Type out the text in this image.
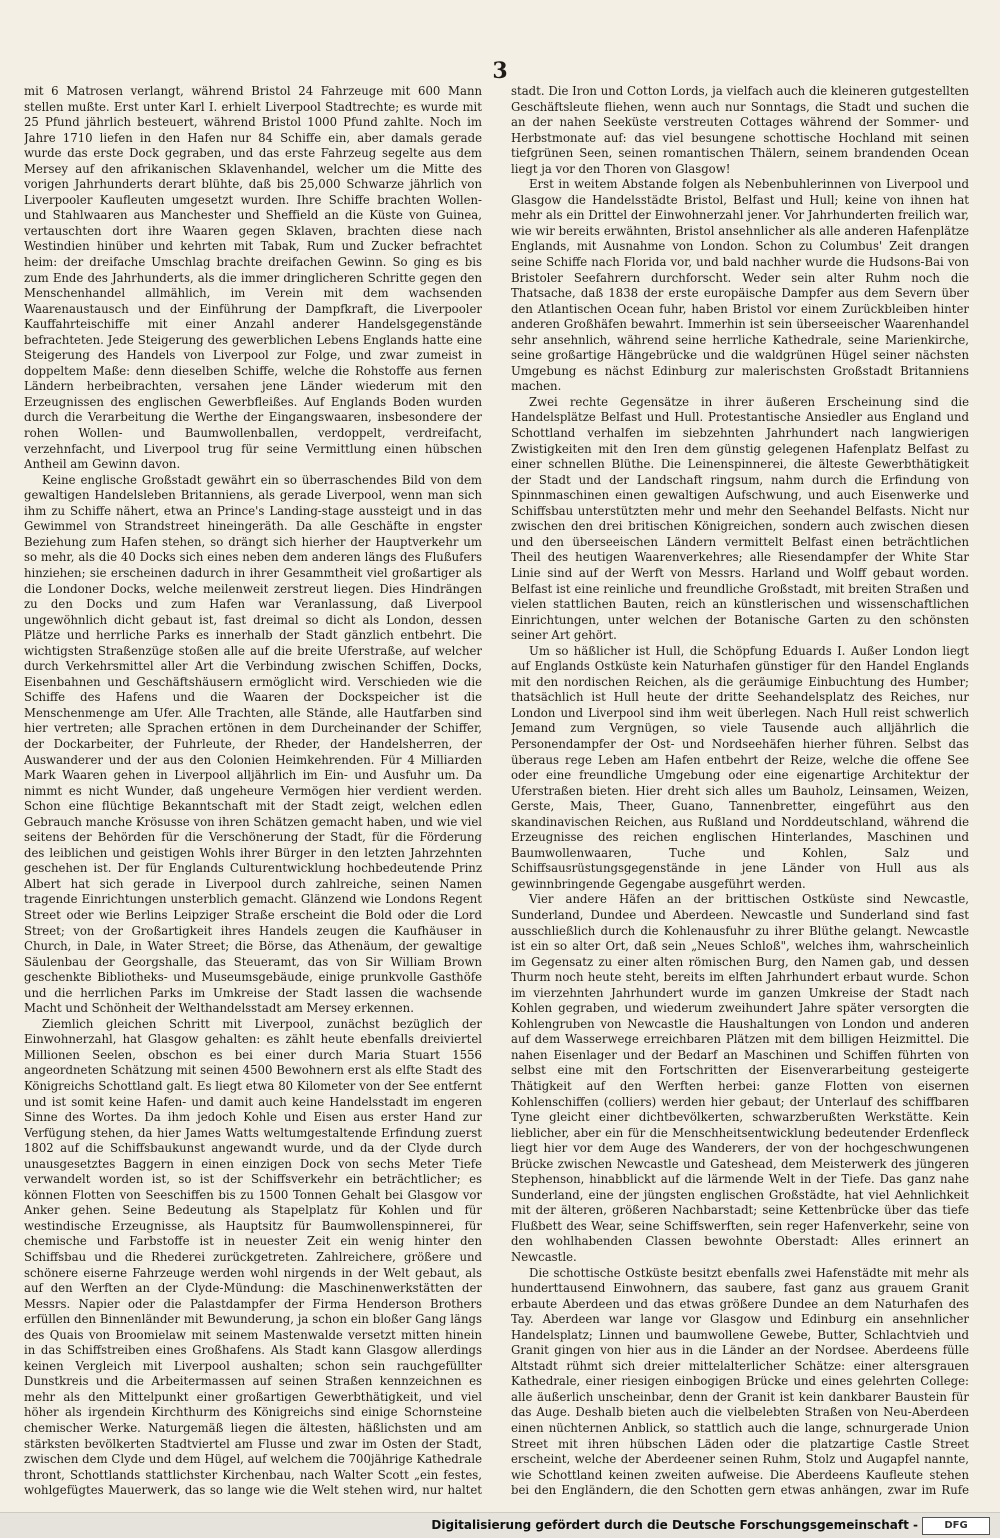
3

mit 6 Matrosen verlangt, während Bristol 24 Fahrzeuge mit 600 Mann stellen mußte. Erst unter Karl I. erhielt Liverpool Stadtrechte; es wurde mit 25 Pfund jährlich besteuert, während Bristol 1000 Pfund zahlte. Noch im Jahre 1710 liefen in den Hafen nur 84 Schiffe ein, aber damals gerade wurde das erste Dock gegraben, und das erste Fahrzeug segelte aus dem Mersey auf den afrikanischen Sklavenhandel, welcher um die Mitte des vorigen Jahrhunderts derart blühte, daß bis 25,000 Schwarze jährlich von Liverpooler Kaufleuten umgesetzt wurden. Ihre Schiffe brachten Wollen- und Stahlwaaren aus Manchester und Sheffield an die Küste von Guinea, vertauschten dort ihre Waaren gegen Sklaven, brachten diese nach Westindien hinüber und kehrten mit Tabak, Rum und Zucker befrachtet heim: der dreifache Umschlag brachte dreifachen Gewinn. So ging es bis zum Ende des Jahrhunderts, als die immer dringlicheren Schritte gegen den Menschenhandel allmählich, im Verein mit dem wachsenden Waarenaustausch und der Einführung der Dampfkraft, die Liverpooler Kauffahrteischiffe mit einer Anzahl anderer Handelsgegenstände befrachteten. Jede Steigerung des gewerblichen Lebens Englands hatte eine Steigerung des Handels von Liverpool zur Folge, und zwar zumeist in doppeltem Maße: denn dieselben Schiffe, welche die Rohstoffe aus fernen Ländern herbeibrachten, versahen jene Länder wiederum mit den Erzeugnissen des englischen Gewerbfleißes. Auf Englands Boden wurden durch die Verarbeitung die Werthe der Eingangswaaren, insbesondere der rohen Wollen- und Baumwollenballen, verdoppelt, verdreifacht, verzehnfacht, und Liverpool trug für seine Vermittlung einen hübschen Antheil am Gewinn davon.

Keine englische Großstadt gewährt ein so überraschendes Bild von dem gewaltigen Handelsleben Britanniens, als gerade Liverpool, wenn man sich ihm zu Schiffe nähert, etwa an Prince's Landing-stage aussteigt und in das Gewimmel von Strandstreet hineingeräth. Da alle Geschäfte in engster Beziehung zum Hafen stehen, so drängt sich hierher der Hauptverkehr um so mehr, als die 40 Docks sich eines neben dem anderen längs des Flußufers hinziehen; sie erscheinen dadurch in ihrer Gesammtheit viel großartiger als die Londoner Docks, welche meilenweit zerstreut liegen. Dies Hindrängen zu den Docks und zum Hafen war Veranlassung, daß Liverpool ungewöhnlich dicht gebaut ist, fast dreimal so dicht als London, dessen Plätze und herrliche Parks es innerhalb der Stadt gänzlich entbehrt. Die wichtigsten Straßenzüge stoßen alle auf die breite Uferstraße, auf welcher durch Verkehrsmittel aller Art die Verbindung zwischen Schiffen, Docks, Eisenbahnen und Geschäftshäusern ermöglicht wird. Verschieden wie die Schiffe des Hafens und die Waaren der Dockspeicher ist die Menschenmenge am Ufer. Alle Trachten, alle Stände, alle Hautfarben sind hier vertreten; alle Sprachen ertönen in dem Durcheinander der Schiffer, der Dockarbeiter, der Fuhrleute, der Rheder, der Handelsherren, der Auswanderer und der aus den Colonien Heimkehrenden. Für 4 Milliarden Mark Waaren gehen in Liverpool alljährlich im Ein- und Ausfuhr um. Da nimmt es nicht Wunder, daß ungeheure Vermögen hier verdient werden. Schon eine flüchtige Bekanntschaft mit der Stadt zeigt, welchen edlen Gebrauch manche Krösusse von ihren Schätzen gemacht haben, und wie viel seitens der Behörden für die Verschönerung der Stadt, für die Förderung des leiblichen und geistigen Wohls ihrer Bürger in den letzten Jahrzehnten geschehen ist. Der für Englands Culturentwicklung hochbedeutende Prinz Albert hat sich gerade in Liverpool durch zahlreiche, seinen Namen tragende Einrichtungen unsterblich gemacht. Glänzend wie Londons Regent Street oder wie Berlins Leipziger Straße erscheint die Bold oder die Lord Street; von der Großartigkeit ihres Handels zeugen die Kaufhäuser in Church, in Dale, in Water Street; die Börse, das Athenäum, der gewaltige Säulenbau der Georgshalle, das Steueramt, das von Sir William Brown geschenkte Bibliotheks- und Museumsgebäude, einige prunkvolle Gasthöfe und die herrlichen Parks im Umkreise der Stadt lassen die wachsende Macht und Schönheit der Welthandelsstadt am Mersey erkennen.

Ziemlich gleichen Schritt mit Liverpool, zunächst bezüglich der Einwohnerzahl, hat Glasgow gehalten: es zählt heute ebenfalls dreiviertel Millionen Seelen, obschon es bei einer durch Maria Stuart 1556 angeordneten Schätzung mit seinen 4500 Bewohnern erst als elfte Stadt des Königreichs Schottland galt. Es liegt etwa 80 Kilometer von der See entfernt und ist somit keine Hafen- und damit auch keine Handelsstadt im engeren Sinne des Wortes. Da ihm jedoch Kohle und Eisen aus erster Hand zur Verfügung stehen, da hier James Watts weltumgestaltende Erfindung zuerst 1802 auf die Schiffsbaukunst angewandt wurde, und da der Clyde durch unausgesetztes Baggern in einen einzigen Dock von sechs Meter Tiefe verwandelt worden ist, so ist der Schiffsverkehr ein beträchtlicher; es können Flotten von Seeschiffen bis zu 1500 Tonnen Gehalt bei Glasgow vor Anker gehen. Seine Bedeutung als Stapelplatz für Kohlen und für westindische Erzeugnisse, als Hauptsitz für Baumwollenspinnerei, für chemische und Farbstoffe ist in neuester Zeit ein wenig hinter den Schiffsbau und die Rhederei zurückgetreten. Zahlreichere, größere und schönere eiserne Fahrzeuge werden wohl nirgends in der Welt gebaut, als auf den Werften an der Clyde-Mündung: die Maschinenwerkstätten der Messrs. Napier oder die Palastdampfer der Firma Henderson Brothers erfüllen den Binnenländer mit Bewunderung, ja schon ein bloßer Gang längs des Quais von Broomielaw mit seinem Mastenwalde versetzt mitten hinein in das Schiffstreiben eines Großhafens. Als Stadt kann Glasgow allerdings keinen Vergleich mit Liverpool aushalten; schon sein rauchgefüllter Dunstkreis und die Arbeitermassen auf seinen Straßen kennzeichnen es mehr als den Mittelpunkt einer großartigen Gewerbthätigkeit, und viel höher als irgendein Kirchthurm des Königreichs sind einige Schornsteine chemischer Werke. Naturgemäß liegen die ältesten, häßlichsten und am stärksten bevölkerten Stadtviertel am Flusse und zwar im Osten der Stadt, zwischen dem Clyde und dem Hügel, auf welchem die 700jährige Kathedrale thront, Schottlands stattlichster Kirchenbau, nach Walter Scott „ein festes, wohlgefügtes Mauerwerk, das so lange wie die Welt stehen wird, nur haltet

stadt. Die Iron und Cotton Lords, ja vielfach auch die kleineren gutgestellten Geschäftsleute fliehen, wenn auch nur Sonntags, die Stadt und suchen die an der nahen Seeküste verstreuten Cottages während der Sommer- und Herbstmonate auf: das viel besungene schottische Hochland mit seinen tiefgrünen Seen, seinen romantischen Thälern, seinem brandenden Ocean liegt ja vor den Thoren von Glasgow!

Erst in weitem Abstande folgen als Nebenbuhlerinnen von Liverpool und Glasgow die Handelsstädte Bristol, Belfast und Hull; keine von ihnen hat mehr als ein Drittel der Einwohnerzahl jener. Vor Jahrhunderten freilich war, wie wir bereits erwähnten, Bristol ansehnlicher als alle anderen Hafenplätze Englands, mit Ausnahme von London. Schon zu Columbus' Zeit drangen seine Schiffe nach Florida vor, und bald nachher wurde die Hudsons-Bai von Bristoler Seefahrern durchforscht. Weder sein alter Ruhm noch die Thatsache, daß 1838 der erste europäische Dampfer aus dem Severn über den Atlantischen Ocean fuhr, haben Bristol vor einem Zurückbleiben hinter anderen Großhäfen bewahrt. Immerhin ist sein überseeischer Waarenhandel sehr ansehnlich, während seine herrliche Kathedrale, seine Marienkirche, seine großartige Hängebrücke und die waldgrünen Hügel seiner nächsten Umgebung es nächst Edinburg zur malerischsten Großstadt Britanniens machen.

Zwei rechte Gegensätze in ihrer äußeren Erscheinung sind die Handelsplätze Belfast und Hull. Protestantische Ansiedler aus England und Schottland verhalfen im siebzehnten Jahrhundert nach langwierigen Zwistigkeiten mit den Iren dem günstig gelegenen Hafenplatz Belfast zu einer schnellen Blüthe. Die Leinenspinnerei, die älteste Gewerbthätigkeit der Stadt und der Landschaft ringsum, nahm durch die Erfindung von Spinnmaschinen einen gewaltigen Aufschwung, und auch Eisenwerke und Schiffsbau unterstützten mehr und mehr den Seehandel Belfasts. Nicht nur zwischen den drei britischen Königreichen, sondern auch zwischen diesen und den überseeischen Ländern vermittelt Belfast einen beträchtlichen Theil des heutigen Waarenverkehres; alle Riesendampfer der White Star Linie sind auf der Werft von Messrs. Harland und Wolff gebaut worden. Belfast ist eine reinliche und freundliche Großstadt, mit breiten Straßen und vielen stattlichen Bauten, reich an künstlerischen und wissenschaftlichen Einrichtungen, unter welchen der Botanische Garten zu den schönsten seiner Art gehört.

Um so häßlicher ist Hull, die Schöpfung Eduards I. Außer London liegt auf Englands Ostküste kein Naturhafen günstiger für den Handel Englands mit den nordischen Reichen, als die geräumige Einbuchtung des Humber; thatsächlich ist Hull heute der dritte Seehandelsplatz des Reiches, nur London und Liverpool sind ihm weit überlegen. Nach Hull reist schwerlich Jemand zum Vergnügen, so viele Tausende auch alljährlich die Personendampfer der Ost- und Nordseehäfen hierher führen. Selbst das überaus rege Leben am Hafen entbehrt der Reize, welche die offene See oder eine freundliche Umgebung oder eine eigenartige Architektur der Uferstraßen bieten. Hier dreht sich alles um Bauholz, Leinsamen, Weizen, Gerste, Mais, Theer, Guano, Tannenbretter, eingeführt aus den skandinavischen Reichen, aus Rußland und Norddeutschland, während die Erzeugnisse des reichen englischen Hinterlandes, Maschinen und Baumwollenwaaren, Tuche und Kohlen, Salz und Schiffsausrüstungsgegenstände in jene Länder von Hull aus als gewinnbringende Gegengabe ausgeführt werden.

Vier andere Häfen an der brittischen Ostküste sind Newcastle, Sunderland, Dundee und Aberdeen. Newcastle und Sunderland sind fast ausschließlich durch die Kohlenausfuhr zu ihrer Blüthe gelangt. Newcastle ist ein so alter Ort, daß sein „Neues Schloß", welches ihm, wahrscheinlich im Gegensatz zu einer alten römischen Burg, den Namen gab, und dessen Thurm noch heute steht, bereits im elften Jahrhundert erbaut wurde. Schon im vierzehnten Jahrhundert wurde im ganzen Umkreise der Stadt nach Kohlen gegraben, und wiederum zweihundert Jahre später versorgten die Kohlengruben von Newcastle die Haushaltungen von London und anderen auf dem Wasserwege erreichbaren Plätzen mit dem billigen Heizmittel. Die nahen Eisenlager und der Bedarf an Maschinen und Schiffen führten von selbst eine mit den Fortschritten der Eisenverarbeitung gesteigerte Thätigkeit auf den Werften herbei: ganze Flotten von eisernen Kohlenschiffen (colliers) werden hier gebaut; der Unterlauf des schiffbaren Tyne gleicht einer dichtbevölkerten, schwarzberußten Werkstätte. Kein lieblicher, aber ein für die Menschheitsentwicklung bedeutender Erdenfleck liegt hier vor dem Auge des Wanderers, der von der hochgeschwungenen Brücke zwischen Newcastle und Gateshead, dem Meisterwerk des jüngeren Stephenson, hinabblickt auf die lärmende Welt in der Tiefe. Das ganz nahe Sunderland, eine der jüngsten englischen Großstädte, hat viel Aehnlichkeit mit der älteren, größeren Nachbarstadt; seine Kettenbrücke über das tiefe Flußbett des Wear, seine Schiffswerften, sein reger Hafenverkehr, seine von den wohlhabenden Classen bewohnte Oberstadt: Alles erinnert an Newcastle.

Die schottische Ostküste besitzt ebenfalls zwei Hafenstädte mit mehr als hunderttausend Einwohnern, das saubere, fast ganz aus grauem Granit erbaute Aberdeen und das etwas größere Dundee an dem Naturhafen des Tay. Aberdeen war lange vor Glasgow und Edinburg ein ansehnlicher Handelsplatz; Linnen und baumwollene Gewebe, Butter, Schlachtvieh und Granit gingen von hier aus in die Länder an der Nordsee. Aberdeens fülle Altstadt rühmt sich dreier mittelalterlicher Schätze: einer altersgrauen Kathedrale, einer riesigen einbogigen Brücke und eines gelehrten College: alle äußerlich unscheinbar, denn der Granit ist kein dankbarer Baustein für das Auge. Deshalb bieten auch die vielbelebten Straßen von Neu-Aberdeen einen nüchternen Anblick, so stattlich auch die lange, schnurgerade Union Street mit ihren hübschen Läden oder die platzartige Castle Street erscheint, welche der Aberdeener seinen Ruhm, Stolz und Augapfel nannte, wie Schottland keinen zweiten aufweise. Die Aberdeens Kaufleute stehen bei den Engländern, die den Schotten gern etwas anhängen, zwar im Rufe

Digitalisierung gefördert durch die Deutsche Forschungsgemeinschaft -	DFG
